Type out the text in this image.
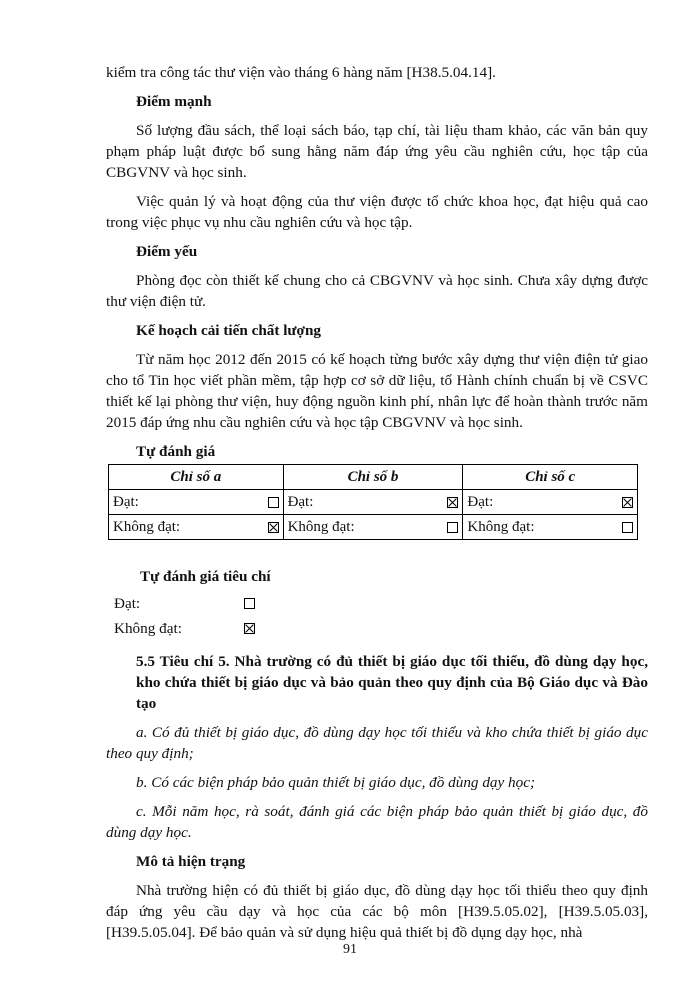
kiểm tra công tác thư viện vào tháng 6 hàng năm [H38.5.04.14].

Điểm mạnh

Số lượng đầu sách, thể loại sách báo, tạp chí, tài liệu tham khảo, các văn bản quy phạm pháp luật được bổ sung hằng năm đáp ứng yêu cầu nghiên cứu, học tập của CBGVNV và học sinh.

Việc quản lý và hoạt động của thư viện được tổ chức khoa học, đạt hiệu quả cao trong việc phục vụ nhu cầu nghiên cứu và học tập.

Điểm yếu

Phòng đọc còn thiết kế chung cho cả CBGVNV và học sinh. Chưa xây dựng được thư viện điện tử.

Kế hoạch cải tiến chất lượng

Từ năm học 2012 đến 2015 có kế hoạch từng bước xây dựng thư viện điện tử giao cho tổ Tin học viết phần mềm, tập hợp cơ sở dữ liệu, tổ Hành chính chuẩn bị về CSVC thiết kế lại phòng thư viện, huy động nguồn kinh phí, nhân lực để hoàn thành trước năm 2015 đáp ứng nhu cầu nghiên cứu và học tập CBGVNV và học sinh.

Tự đánh giá

Chỉ số a	Chỉ số b	Chỉ số c

Đạt:	Đạt:	Đạt:

Không đạt:	Không đạt:	Không đạt:

Tự đánh giá tiêu chí

Đạt:
Không đạt:

5.5 Tiêu chí 5. Nhà trường có đủ thiết bị giáo dục tối thiểu, đồ dùng dạy học, kho chứa thiết bị giáo dục và bảo quản theo quy định của Bộ Giáo dục và Đào tạo

a. Có đủ thiết bị giáo dục, đồ dùng dạy học tối thiểu và kho chứa thiết bị giáo dục theo quy định;

b. Có các biện pháp bảo quản thiết bị giáo dục, đồ dùng dạy học;

c. Mỗi năm học, rà soát, đánh giá các biện pháp bảo quản thiết bị giáo dục, đồ dùng dạy học.

Mô tả hiện trạng

Nhà trường hiện có đủ thiết bị giáo dục, đồ dùng dạy học tối thiểu theo quy định đáp ứng yêu cầu dạy và học của các bộ môn [H39.5.05.02], [H39.5.05.03], [H39.5.05.04]. Để bảo quản và sử dụng hiệu quả thiết bị đồ dụng dạy học, nhà

91
